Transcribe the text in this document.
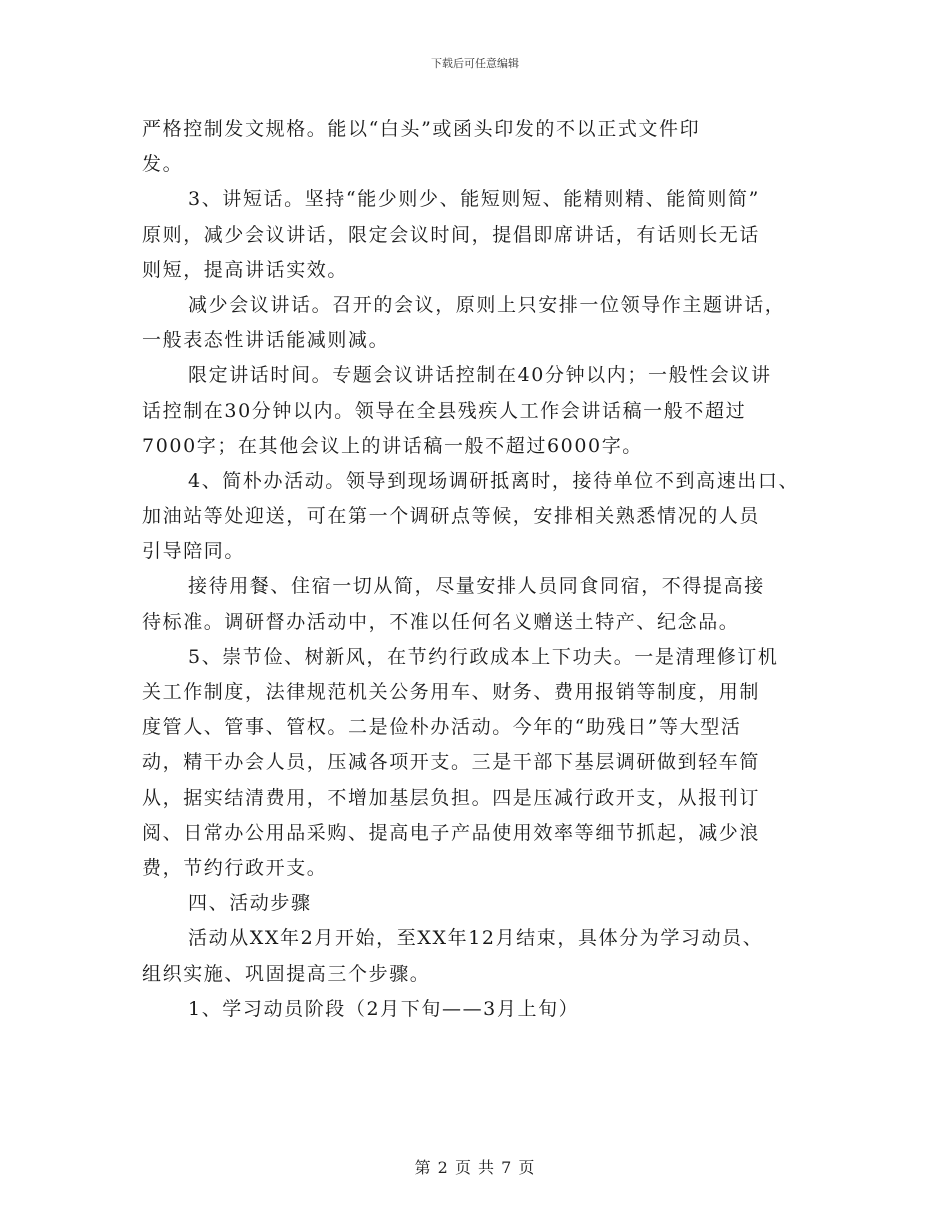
下载后可任意编辑
严格控制发文规格。能以“白头”或函头印发的不以正式文件印
发。
3、讲短话。坚持“能少则少、能短则短、能精则精、能简则简”
原则，减少会议讲话，限定会议时间，提倡即席讲话，有话则长无话
则短，提高讲话实效。
减少会议讲话。召开的会议，原则上只安排一位领导作主题讲话，
一般表态性讲话能减则减。
限定讲话时间。专题会议讲话控制在40分钟以内；一般性会议讲
话控制在30分钟以内。领导在全县残疾人工作会讲话稿一般不超过
7000字；在其他会议上的讲话稿一般不超过6000字。
4、简朴办活动。领导到现场调研抵离时，接待单位不到高速出口、
加油站等处迎送，可在第一个调研点等候，安排相关熟悉情况的人员
引导陪同。
接待用餐、住宿一切从简，尽量安排人员同食同宿，不得提高接
待标准。调研督办活动中，不准以任何名义赠送土特产、纪念品。
5、崇节俭、树新风，在节约行政成本上下功夫。一是清理修订机
关工作制度，法律规范机关公务用车、财务、费用报销等制度，用制
度管人、管事、管权。二是俭朴办活动。今年的“助残日”等大型活
动，精干办会人员，压减各项开支。三是干部下基层调研做到轻车简
从，据实结清费用，不增加基层负担。四是压减行政开支，从报刊订
阅、日常办公用品采购、提高电子产品使用效率等细节抓起，减少浪
费，节约行政开支。
四、活动步骤
活动从XX年2月开始，至XX年12月结束，具体分为学习动员、
组织实施、巩固提高三个步骤。
1、学习动员阶段（2月下旬——3月上旬）
第 2 页 共 7 页
